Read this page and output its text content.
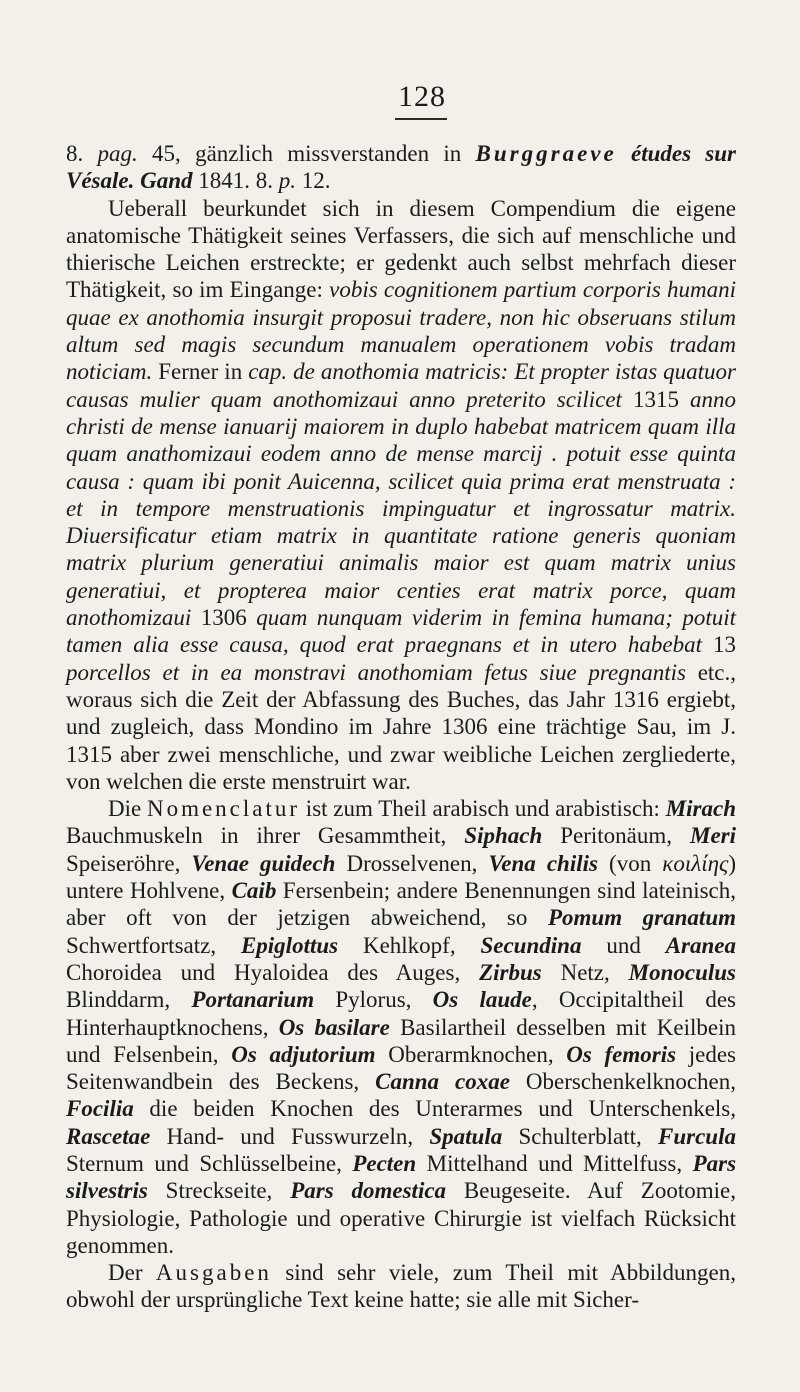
128

8. pag. 45, gänzlich missverstanden in Burggraeve études sur Vésale. Gand 1841. 8. p. 12.

Ueberall beurkundet sich in diesem Compendium die eigene anatomische Thätigkeit seines Verfassers, die sich auf menschliche und thierische Leichen erstreckte; er gedenkt auch selbst mehrfach dieser Thätigkeit, so im Eingange: vobis cognitionem partium corporis humani quae ex anothomia insurgit proposui tradere, non hic obseruans stilum altum sed magis secundum manualem operationem vobis tradam noticiam. Ferner in cap. de anothomia matricis: Et propter istas quatuor causas mulier quam anothomizaui anno preterito scilicet 1315 anno christi de mense ianuarij maiorem in duplo habebat matricem quam illa quam anathomizaui eodem anno de mense marcij . potuit esse quinta causa : quam ibi ponit Auicenna, scilicet quia prima erat menstruata : et in tempore menstruationis impinguatur et ingrossatur matrix. Diuersificatur etiam matrix in quantitate ratione generis quoniam matrix plurium generatiui animalis maior est quam matrix unius generatiui, et propterea maior centies erat matrix porce, quam anothomizaui 1306 quam nunquam viderim in femina humana; potuit tamen alia esse causa, quod erat praegnans et in utero habebat 13 porcellos et in ea monstravi anothomiam fetus siue pregnantis etc., woraus sich die Zeit der Abfassung des Buches, das Jahr 1316 ergiebt, und zugleich, dass Mondino im Jahre 1306 eine trächtige Sau, im J. 1315 aber zwei menschliche, und zwar weibliche Leichen zergliederte, von welchen die erste menstruirt war.

Die Nomenclatur ist zum Theil arabisch und arabistisch: Mirach Bauchmuskeln in ihrer Gesammtheit, Siphach Peritonäum, Meri Speiseröhre, Venae guidech Drosselvenen, Vena chilis (von κοιλίης) untere Hohlvene, Caib Fersenbein; andere Benennungen sind lateinisch, aber oft von der jetzigen abweichend, so Pomum granatum Schwertfortsatz, Epiglottus Kehlkopf, Secundina und Aranea Choroidea und Hyaloidea des Auges, Zirbus Netz, Monoculus Blinddarm, Portanarium Pylorus, Os laude, Occipitaltheil des Hinterhauptknochens, Os basilare Basilartheil desselben mit Keilbein und Felsenbein, Os adjutorium Oberarmknochen, Os femoris jedes Seitenwandbein des Beckens, Canna coxae Oberschenkelknochen, Focilia die beiden Knochen des Unterarmes und Unterschenkels, Rascetae Hand- und Fusswurzeln, Spatula Schulterblatt, Furcula Sternum und Schlüsselbeine, Pecten Mittelhand und Mittelfuss, Pars silvestris Streckseite, Pars domestica Beugeseite. Auf Zootomie, Physiologie, Pathologie und operative Chirurgie ist vielfach Rücksicht genommen.

Der Ausgaben sind sehr viele, zum Theil mit Abbildungen, obwohl der ursprüngliche Text keine hatte; sie alle mit Sicher-
